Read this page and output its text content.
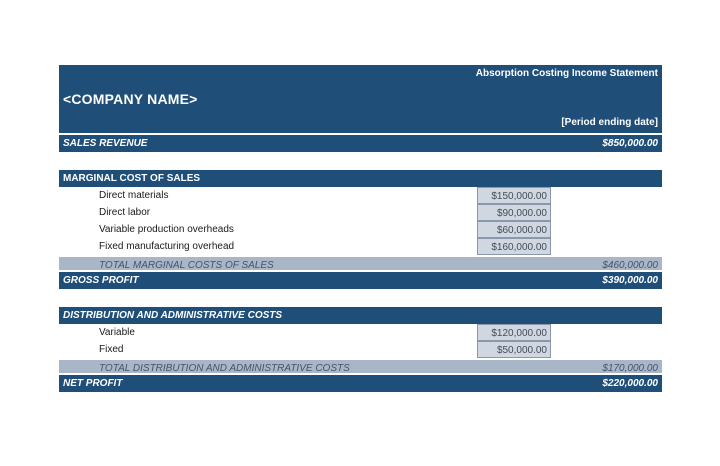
Absorption Costing Income Statement
<COMPANY NAME>
[Period ending date]
SALES REVENUE	$850,000.00
MARGINAL COST OF SALES
Direct materials	$150,000.00
Direct labor	$90,000.00
Variable production overheads	$60,000.00
Fixed manufacturing overhead	$160,000.00
TOTAL MARGINAL COSTS OF SALES	$460,000.00
GROSS PROFIT	$390,000.00
DISTRIBUTION AND ADMINISTRATIVE COSTS
Variable	$120,000.00
Fixed	$50,000.00
TOTAL DISTRIBUTION AND ADMINISTRATIVE COSTS	$170,000.00
NET PROFIT	$220,000.00
